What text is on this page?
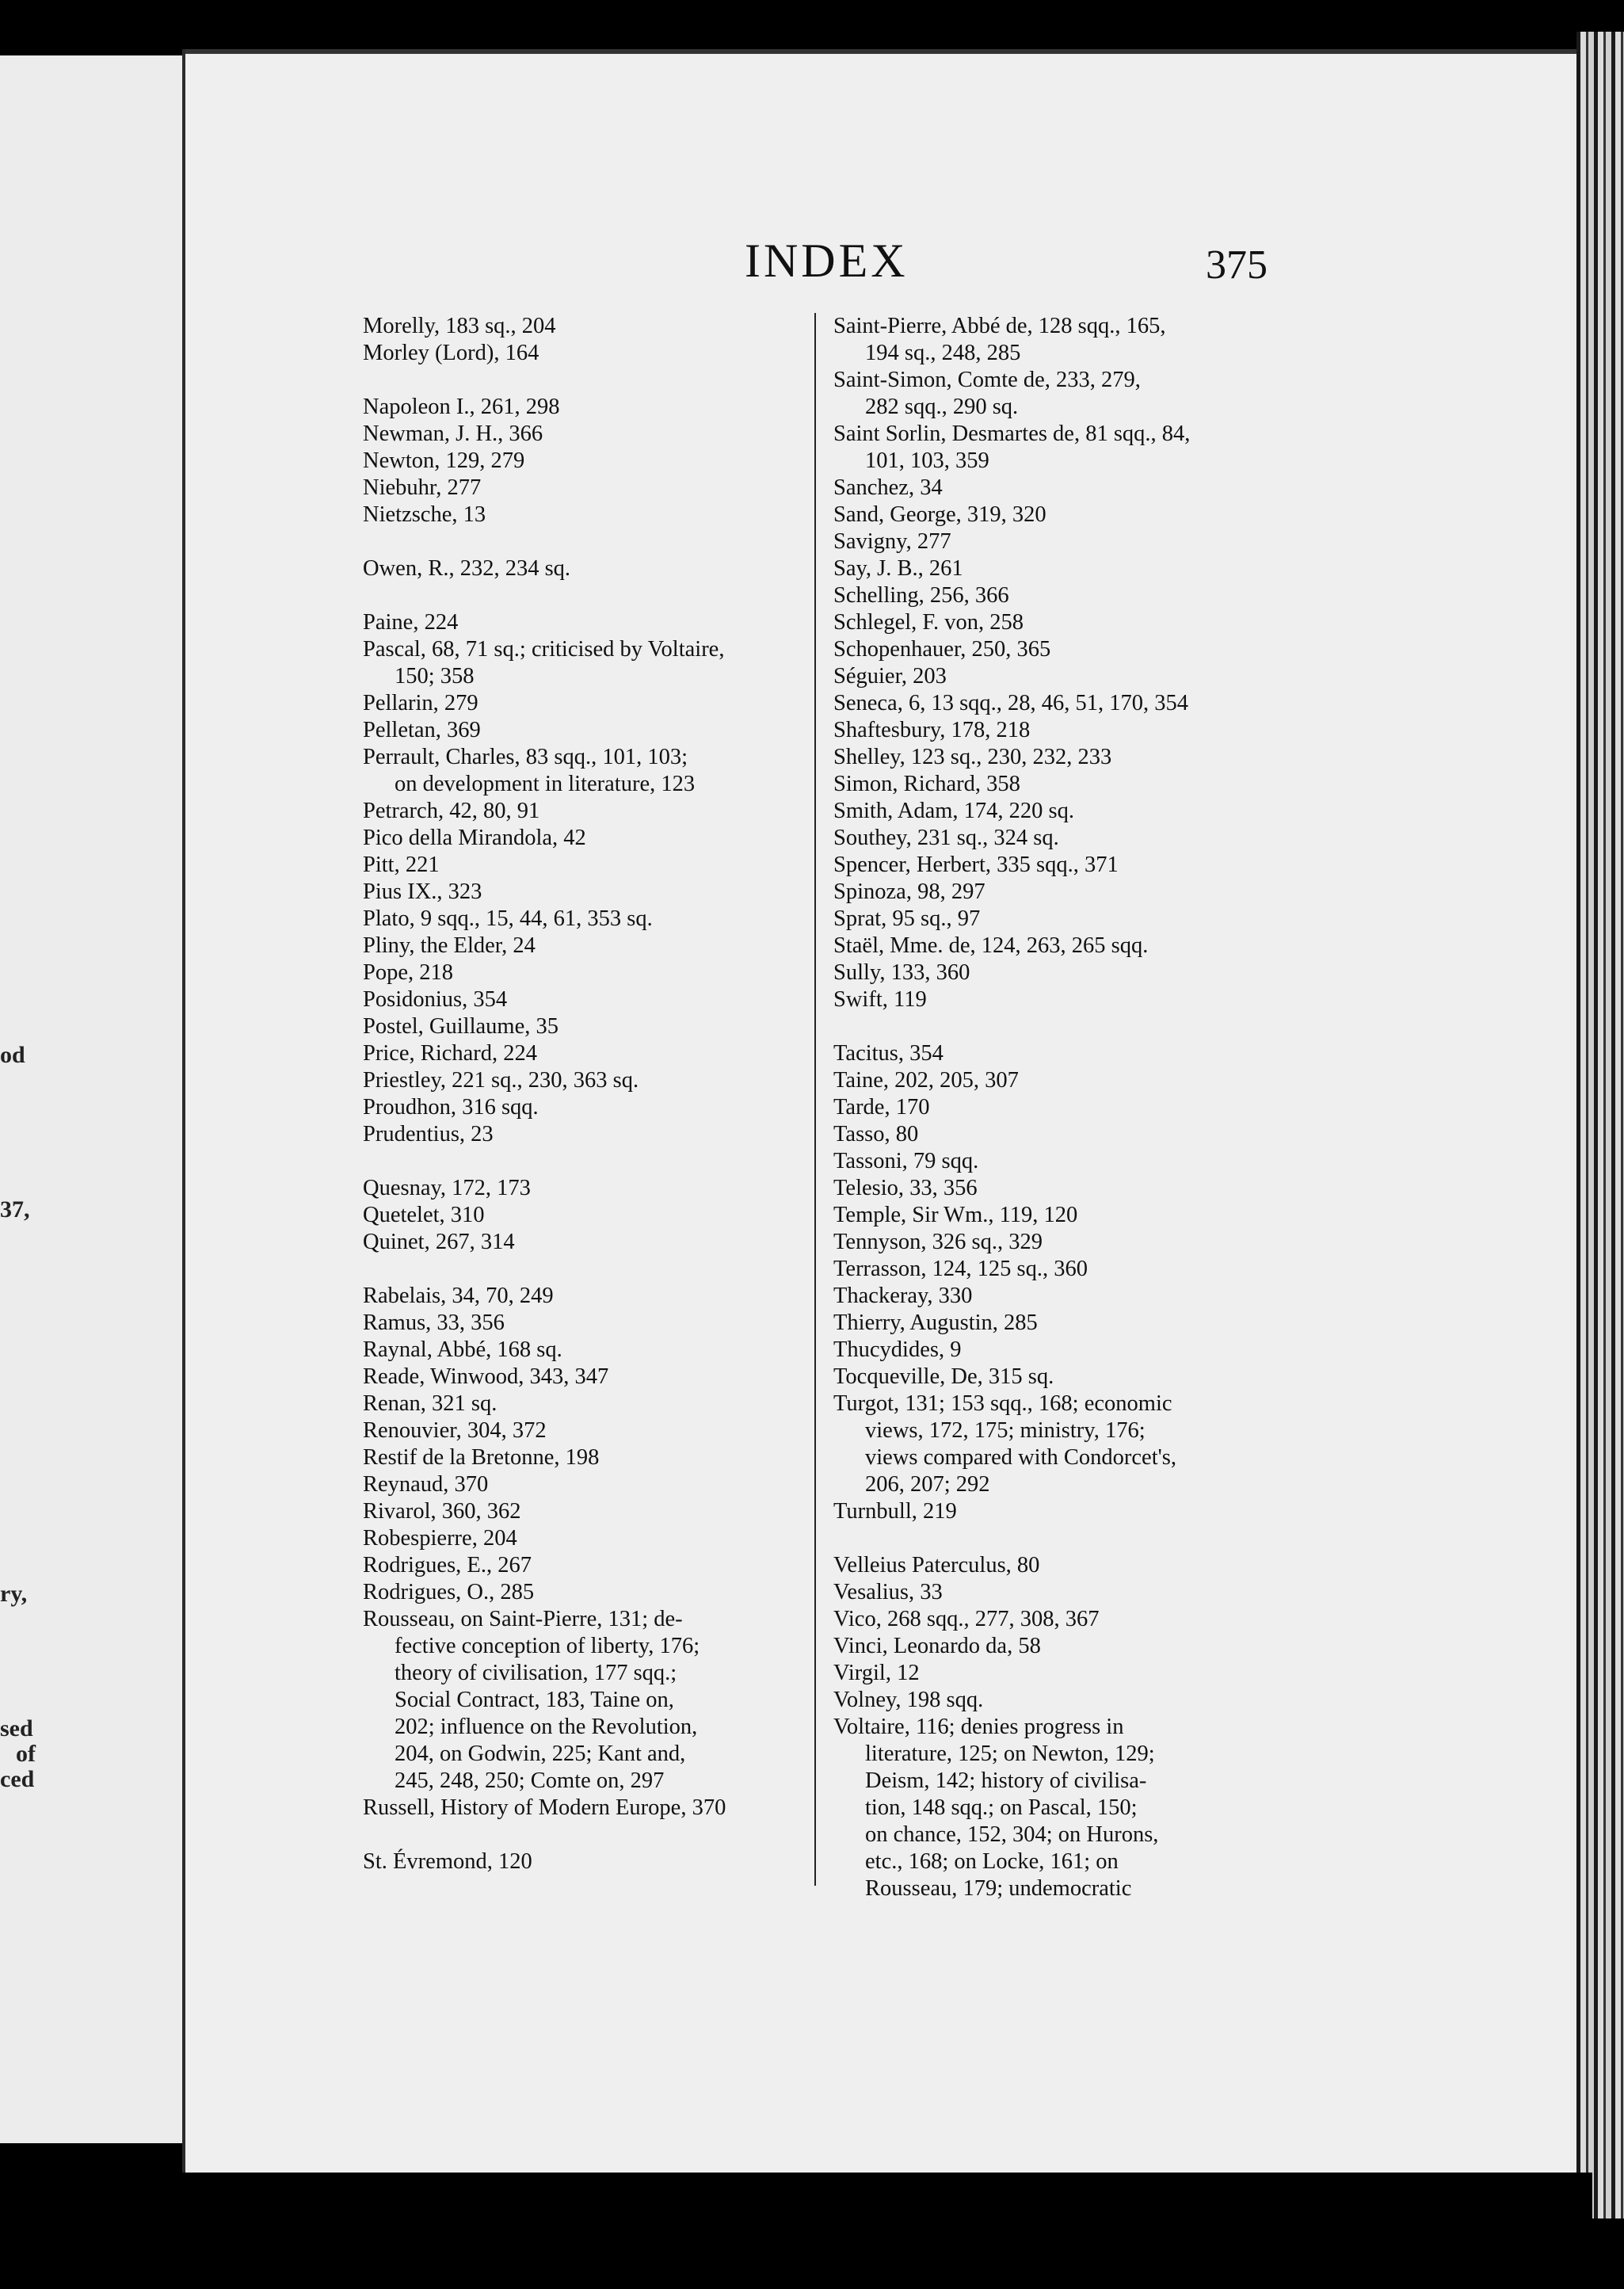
od
37,
ry,
sed
of
ced
INDEX	375
Morelly, 183 sq., 204
Morley (Lord), 164
Napoleon I., 261, 298
Newman, J. H., 366
Newton, 129, 279
Niebuhr, 277
Nietzsche, 13
Owen, R., 232, 234 sq.
Paine, 224
Pascal, 68, 71 sq.; criticised by Voltaire,
150; 358
Pellarin, 279
Pelletan, 369
Perrault, Charles, 83 sqq., 101, 103;
on development in literature, 123
Petrarch, 42, 80, 91
Pico della Mirandola, 42
Pitt, 221
Pius IX., 323
Plato, 9 sqq., 15, 44, 61, 353 sq.
Pliny, the Elder, 24
Pope, 218
Posidonius, 354
Postel, Guillaume, 35
Price, Richard, 224
Priestley, 221 sq., 230, 363 sq.
Proudhon, 316 sqq.
Prudentius, 23
Quesnay, 172, 173
Quetelet, 310
Quinet, 267, 314
Rabelais, 34, 70, 249
Ramus, 33, 356
Raynal, Abbé, 168 sq.
Reade, Winwood, 343, 347
Renan, 321 sq.
Renouvier, 304, 372
Restif de la Bretonne, 198
Reynaud, 370
Rivarol, 360, 362
Robespierre, 204
Rodrigues, E., 267
Rodrigues, O., 285
Rousseau, on Saint-Pierre, 131; de-
fective conception of liberty, 176;
theory of civilisation, 177 sqq.;
Social Contract, 183, Taine on,
202; influence on the Revolution,
204, on Godwin, 225; Kant and,
245, 248, 250; Comte on, 297
Russell, History of Modern Europe, 370
St. Évremond, 120
Saint-Pierre, Abbé de, 128 sqq., 165,
194 sq., 248, 285
Saint-Simon, Comte de, 233, 279,
282 sqq., 290 sq.
Saint Sorlin, Desmartes de, 81 sqq., 84,
101, 103, 359
Sanchez, 34
Sand, George, 319, 320
Savigny, 277
Say, J. B., 261
Schelling, 256, 366
Schlegel, F. von, 258
Schopenhauer, 250, 365
Séguier, 203
Seneca, 6, 13 sqq., 28, 46, 51, 170, 354
Shaftesbury, 178, 218
Shelley, 123 sq., 230, 232, 233
Simon, Richard, 358
Smith, Adam, 174, 220 sq.
Southey, 231 sq., 324 sq.
Spencer, Herbert, 335 sqq., 371
Spinoza, 98, 297
Sprat, 95 sq., 97
Staël, Mme. de, 124, 263, 265 sqq.
Sully, 133, 360
Swift, 119
Tacitus, 354
Taine, 202, 205, 307
Tarde, 170
Tasso, 80
Tassoni, 79 sqq.
Telesio, 33, 356
Temple, Sir Wm., 119, 120
Tennyson, 326 sq., 329
Terrasson, 124, 125 sq., 360
Thackeray, 330
Thierry, Augustin, 285
Thucydides, 9
Tocqueville, De, 315 sq.
Turgot, 131; 153 sqq., 168; economic
views, 172, 175; ministry, 176;
views compared with Condorcet's,
206, 207; 292
Turnbull, 219
Velleius Paterculus, 80
Vesalius, 33
Vico, 268 sqq., 277, 308, 367
Vinci, Leonardo da, 58
Virgil, 12
Volney, 198 sqq.
Voltaire, 116; denies progress in
literature, 125; on Newton, 129;
Deism, 142; history of civilisa-
tion, 148 sqq.; on Pascal, 150;
on chance, 152, 304; on Hurons,
etc., 168; on Locke, 161; on
Rousseau, 179; undemocratic
